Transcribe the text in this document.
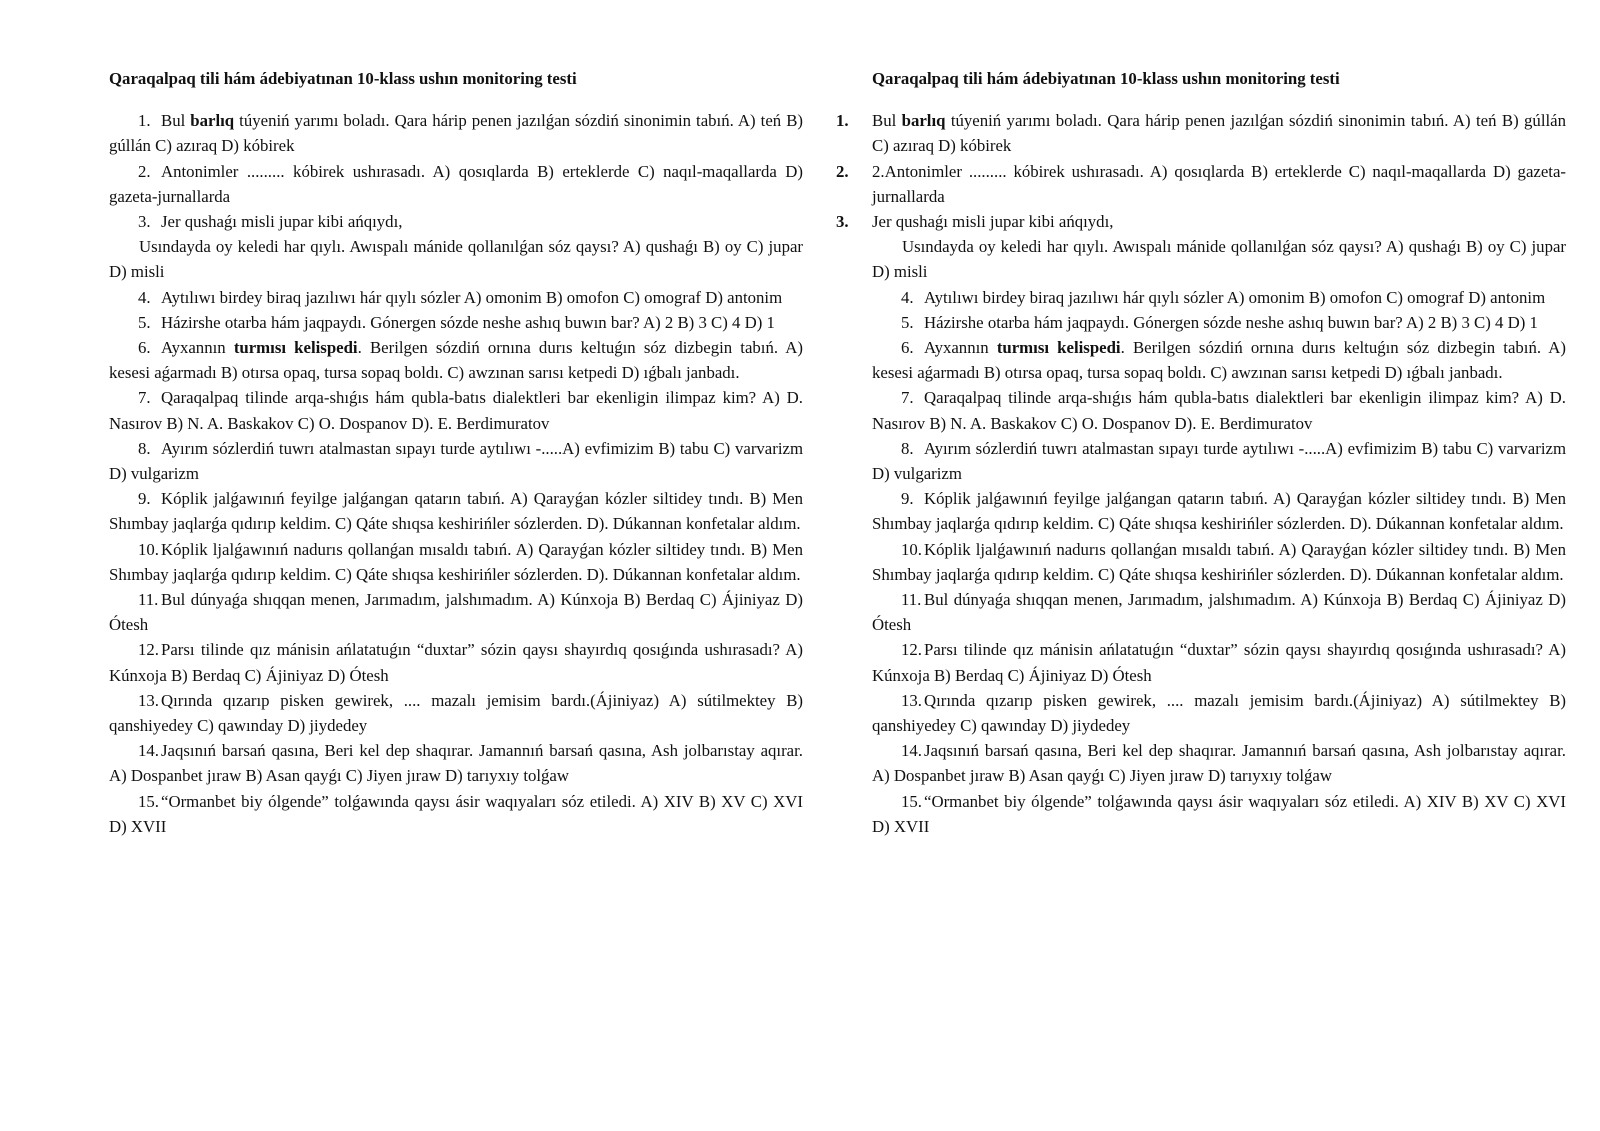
Qaraqalpaq tili hám ádebiyatınan 10-klass ushın monitoring testi

1. Bul barlıq túyeniń yarımı boladı. Qara hárip penen jazılǵan sózdiń sinonimin tabıń. A) teń B) gúllán C) azıraq D) kóbirek

2. Antonimler ......... kóbirek ushırasadı. A) qosıqlarda B) erteklerde C) naqıl-maqallarda D) gazeta-jurnallarda

3. Jer qushaǵı misli jupar kibi ańqıydı,
Usındayda oy keledi har qıylı. Awıspalı mánide qollanılǵan sóz qaysı? A) qushaǵı B) oy C) jupar D) misli

4. Aytılıwı birdey biraq jazılıwı hár qıylı sózler A) omonim B) omofon C) omograf D) antonim

5. Házirshe otarba hám jaqpaydı. Gónergen sózde neshe ashıq buwın bar? A) 2 B) 3 C) 4 D) 1

6. Ayxannın turmısı kelispedi. Berilgen sózdiń ornına durıs keltuǵın sóz dizbegin tabıń. A) kesesi aǵarmadı B) otırsa opaq, tursa sopaq boldı. C) awzınan sarısı ketpedi D) ıǵbalı janbadı.

7. Qaraqalpaq tilinde arqa-shıǵıs hám qubla-batıs dialektleri bar ekenligin ilimpaz kim? A) D. Nasırov B) N. A. Baskakov C) O. Dospanov D). E. Berdimuratov

8. Ayırım sózlerdiń tuwrı atalmastan sıpayı turde aytılıwı -.....A) evfimizim B) tabu C) varvarizm D) vulgarizm

9. Kóplik jalǵawınıń feyilge jalǵangan qatarın tabıń. A) Qarayǵan kózler siltidey tındı. B) Men Shımbay jaqlarǵa qıdırıp keldim. C) Qáte shıqsa keshirińler sózlerden. D). Dúkannan konfetalar aldım.

10. Kóplik ljalǵawınıń nadurıs qollanǵan mısaldı tabıń. A) Qarayǵan kózler siltidey tındı. B) Men Shımbay jaqlarǵa qıdırıp keldim. C) Qáte shıqsa keshirińler sózlerden. D). Dúkannan konfetalar aldım.

11. Bul dúnyaǵa shıqqan menen, Jarımadım, jalshımadım. A) Kúnxoja B) Berdaq C) Ájiniyaz D) Ótesh

12. Parsı tilinde qız mánisin ańlatatuǵın “duxtar” sózin qaysı shayırdıq qosıǵında ushırasadı? A) Kúnxoja B) Berdaq C) Ájiniyaz D) Ótesh

13. Qırında qızarıp pisken gewirek, .... mazalı jemisim bardı.(Ájiniyaz) A) sútilmektey B) qanshiyedey C) qawınday D) jiydedey

14. Jaqsınıń barsań qasına, Beri kel dep shaqırar. Jamannıń barsań qasına, Ash jolbarıstay aqırar. A) Dospanbet jıraw B) Asan qayǵı C) Jiyen jıraw D) tarıyxıy tolǵaw

15. “Ormanbet biy ólgende” tolǵawında qaysı ásir waqıyaları sóz etiledi. A) XIV B) XV C) XVI D) XVII

Qaraqalpaq tili hám ádebiyatınan 10-klass ushın monitoring testi

1. Bul barlıq túyeniń yarımı boladı. Qara hárip penen jazılǵan sózdiń sinonimin tabıń. A) teń B) gúllán C) azıraq D) kóbirek

2. 2.Antonimler ......... kóbirek ushırasadı. A) qosıqlarda B) erteklerde C) naqıl-maqallarda D) gazeta-jurnallarda

3. Jer qushaǵı misli jupar kibi ańqıydı,
Usındayda oy keledi har qıylı. Awıspalı mánide qollanılǵan sóz qaysı? A) qushaǵı B) oy C) jupar D) misli

4. Aytılıwı birdey biraq jazılıwı hár qıylı sózler A) omonim B) omofon C) omograf D) antonim

5. Házirshe otarba hám jaqpaydı. Gónergen sózde neshe ashıq buwın bar? A) 2 B) 3 C) 4 D) 1

6. Ayxannın turmısı kelispedi. Berilgen sózdiń ornına durıs keltuǵın sóz dizbegin tabıń. A) kesesi aǵarmadı B) otırsa opaq, tursa sopaq boldı. C) awzınan sarısı ketpedi D) ıǵbalı janbadı.

7. Qaraqalpaq tilinde arqa-shıǵıs hám qubla-batıs dialektleri bar ekenligin ilimpaz kim? A) D. Nasırov B) N. A. Baskakov C) O. Dospanov D). E. Berdimuratov

8. Ayırım sózlerdiń tuwrı atalmastan sıpayı turde aytılıwı -.....A) evfimizim B) tabu C) varvarizm D) vulgarizm

9. Kóplik jalǵawınıń feyilge jalǵangan qatarın tabıń. A) Qarayǵan kózler siltidey tındı. B) Men Shımbay jaqlarǵa qıdırıp keldim. C) Qáte shıqsa keshirińler sózlerden. D). Dúkannan konfetalar aldım.

10. Kóplik ljalǵawınıń nadurıs qollanǵan mısaldı tabıń. A) Qarayǵan kózler siltidey tındı. B) Men Shımbay jaqlarǵa qıdırıp keldim. C) Qáte shıqsa keshirińler sózlerden. D). Dúkannan konfetalar aldım.

11. Bul dúnyaǵa shıqqan menen, Jarımadım, jalshımadım. A) Kúnxoja B) Berdaq C) Ájiniyaz D) Ótesh

12. Parsı tilinde qız mánisin ańlatatuǵın “duxtar” sózin qaysı shayırdıq qosıǵında ushırasadı? A) Kúnxoja B) Berdaq C) Ájiniyaz D) Ótesh

13. Qırında qızarıp pisken gewirek, .... mazalı jemisim bardı.(Ájiniyaz) A) sútilmektey B) qanshiyedey C) qawınday D) jiydedey

14. Jaqsınıń barsań qasına, Beri kel dep shaqırar. Jamannıń barsań qasına, Ash jolbarıstay aqırar. A) Dospanbet jıraw B) Asan qayǵı C) Jiyen jıraw D) tarıyxıy tolǵaw

15. “Ormanbet biy ólgende” tolǵawında qaysı ásir waqıyaları sóz etiledi. A) XIV B) XV C) XVI D) XVII
